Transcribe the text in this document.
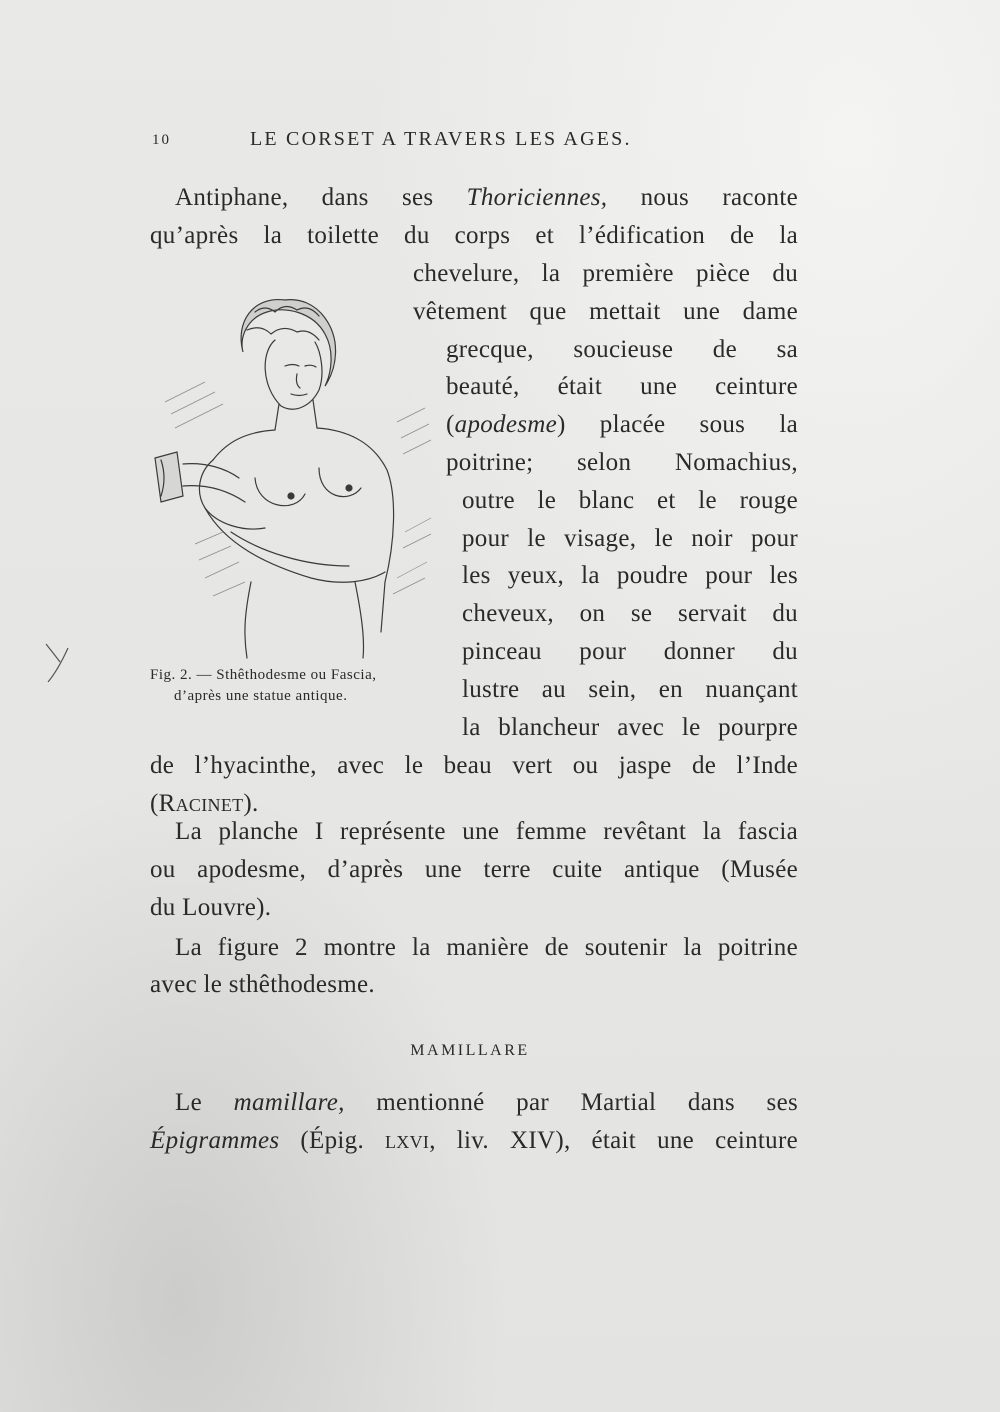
10	LE CORSET A TRAVERS LES AGES.
Antiphane, dans ses Thoriciennes, nous raconte
qu’après la toilette du corps et l’édification de la
chevelure, la première pièce du
vêtement que mettait une dame
grecque, soucieuse de sa
beauté, était une ceinture
(apodesme) placée sous la
poitrine; selon Nomachius,
outre le blanc et le rouge
pour le visage, le noir pour
les yeux, la poudre pour les
cheveux, on se servait du
pinceau pour donner du
lustre au sein, en nuançant
la blancheur avec le pourpre
de l’hyacinthe, avec le beau vert ou jaspe de l’Inde
(Racinet).
Fig. 2. — Sthêthodesme ou Fascia,
d’après une statue antique.
La planche I représente une femme revêtant la fascia
ou apodesme, d’après une terre cuite antique (Musée
du Louvre).
La figure 2 montre la manière de soutenir la poitrine
avec le sthêthodesme.
MAMILLARE
Le mamillare, mentionné par Martial dans ses
Épigrammes (Épig. lxvi, liv. XIV), était une ceinture
